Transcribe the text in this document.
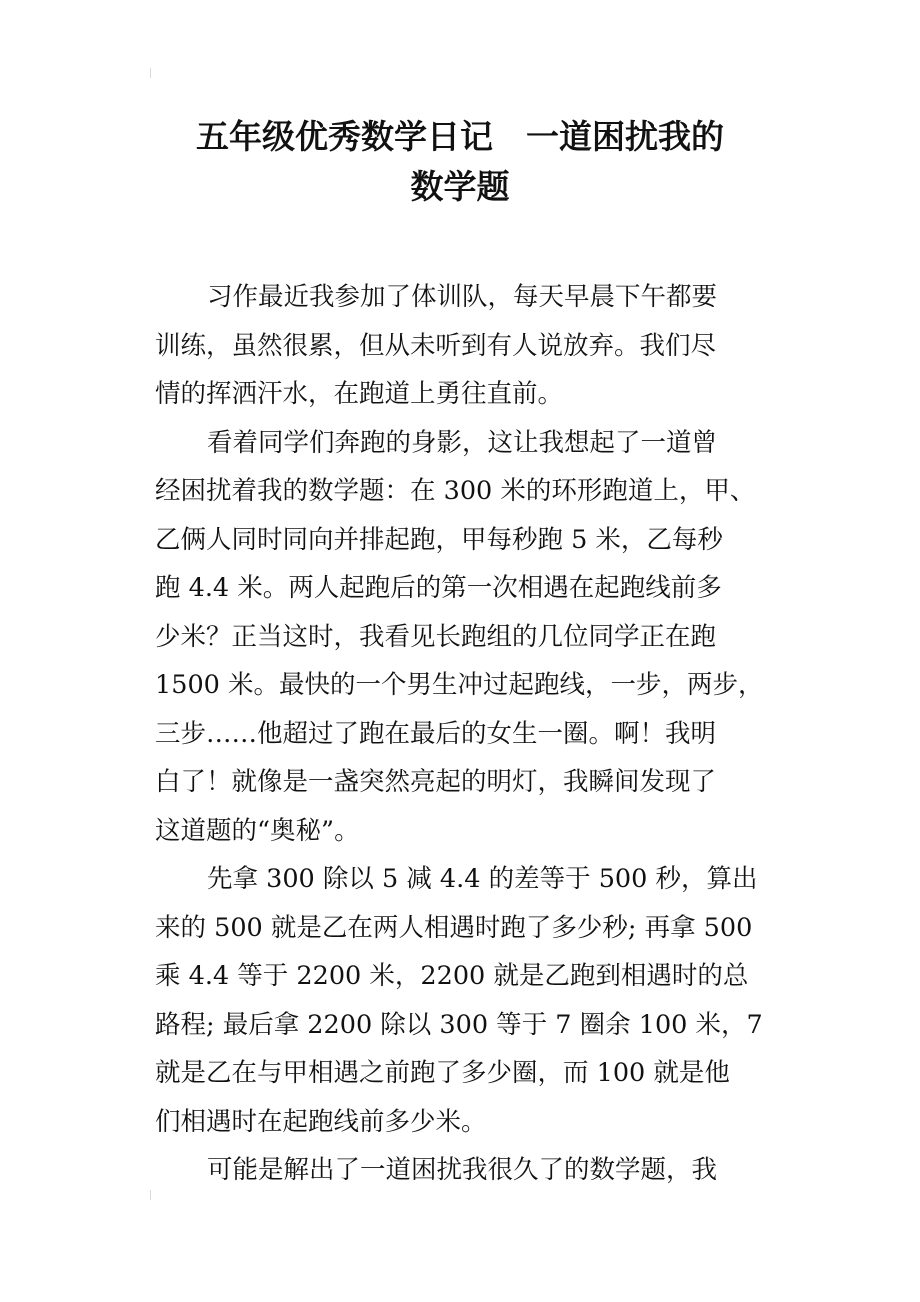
五年级优秀数学日记　一道困扰我的
数学题
习作最近我参加了体训队，每天早晨下午都要
训练，虽然很累，但从未听到有人说放弃。我们尽
情的挥洒汗水，在跑道上勇往直前。
看着同学们奔跑的身影，这让我想起了一道曾
经困扰着我的数学题：在 300 米的环形跑道上，甲、
乙俩人同时同向并排起跑，甲每秒跑 5 米，乙每秒
跑 4.4 米。两人起跑后的第一次相遇在起跑线前多
少米？正当这时，我看见长跑组的几位同学正在跑
1500 米。最快的一个男生冲过起跑线，一步，两步，
三步……他超过了跑在最后的女生一圈。啊！我明
白了！就像是一盏突然亮起的明灯，我瞬间发现了
这道题的“奥秘”。
先拿 300 除以 5 减 4.4 的差等于 500 秒，算出
来的 500 就是乙在两人相遇时跑了多少秒; 再拿 500
乘 4.4 等于 2200 米，2200 就是乙跑到相遇时的总
路程; 最后拿 2200 除以 300 等于 7 圈余 100 米，7
就是乙在与甲相遇之前跑了多少圈，而 100 就是他
们相遇时在起跑线前多少米。
可能是解出了一道困扰我很久了的数学题，我
